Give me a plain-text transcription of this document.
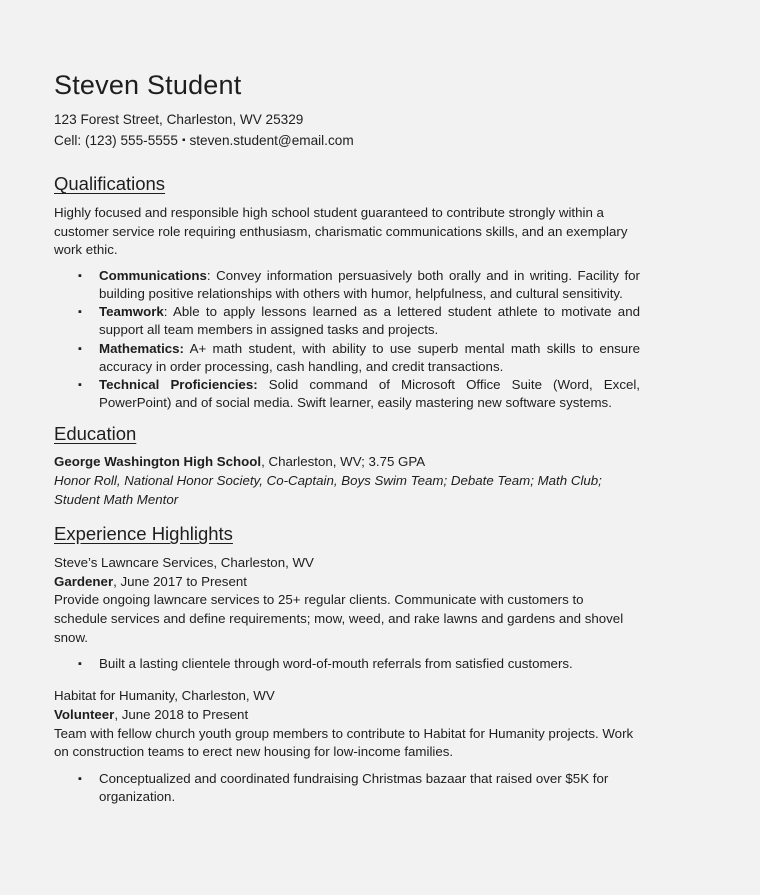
Steven Student
123 Forest Street, Charleston, WV 25329
Cell: (123) 555-5555 ▪ steven.student@email.com
Qualifications
Highly focused and responsible high school student guaranteed to contribute strongly within a customer service role requiring enthusiasm, charismatic communications skills, and an exemplary work ethic.
▪ Communications: Convey information persuasively both orally and in writing. Facility for building positive relationships with others with humor, helpfulness, and cultural sensitivity.
▪ Teamwork: Able to apply lessons learned as a lettered student athlete to motivate and support all team members in assigned tasks and projects.
▪ Mathematics: A+ math student, with ability to use superb mental math skills to ensure accuracy in order processing, cash handling, and credit transactions.
▪ Technical Proficiencies: Solid command of Microsoft Office Suite (Word, Excel, PowerPoint) and of social media. Swift learner, easily mastering new software systems.
Education
George Washington High School, Charleston, WV; 3.75 GPA
Honor Roll, National Honor Society, Co-Captain, Boys Swim Team; Debate Team; Math Club; Student Math Mentor
Experience Highlights
Steve’s Lawncare Services, Charleston, WV
Gardener, June 2017 to Present
Provide ongoing lawncare services to 25+ regular clients. Communicate with customers to schedule services and define requirements; mow, weed, and rake lawns and gardens and shovel snow.
▪ Built a lasting clientele through word-of-mouth referrals from satisfied customers.
Habitat for Humanity, Charleston, WV
Volunteer, June 2018 to Present
Team with fellow church youth group members to contribute to Habitat for Humanity projects. Work on construction teams to erect new housing for low-income families.
▪ Conceptualized and coordinated fundraising Christmas bazaar that raised over $5K for organization.
